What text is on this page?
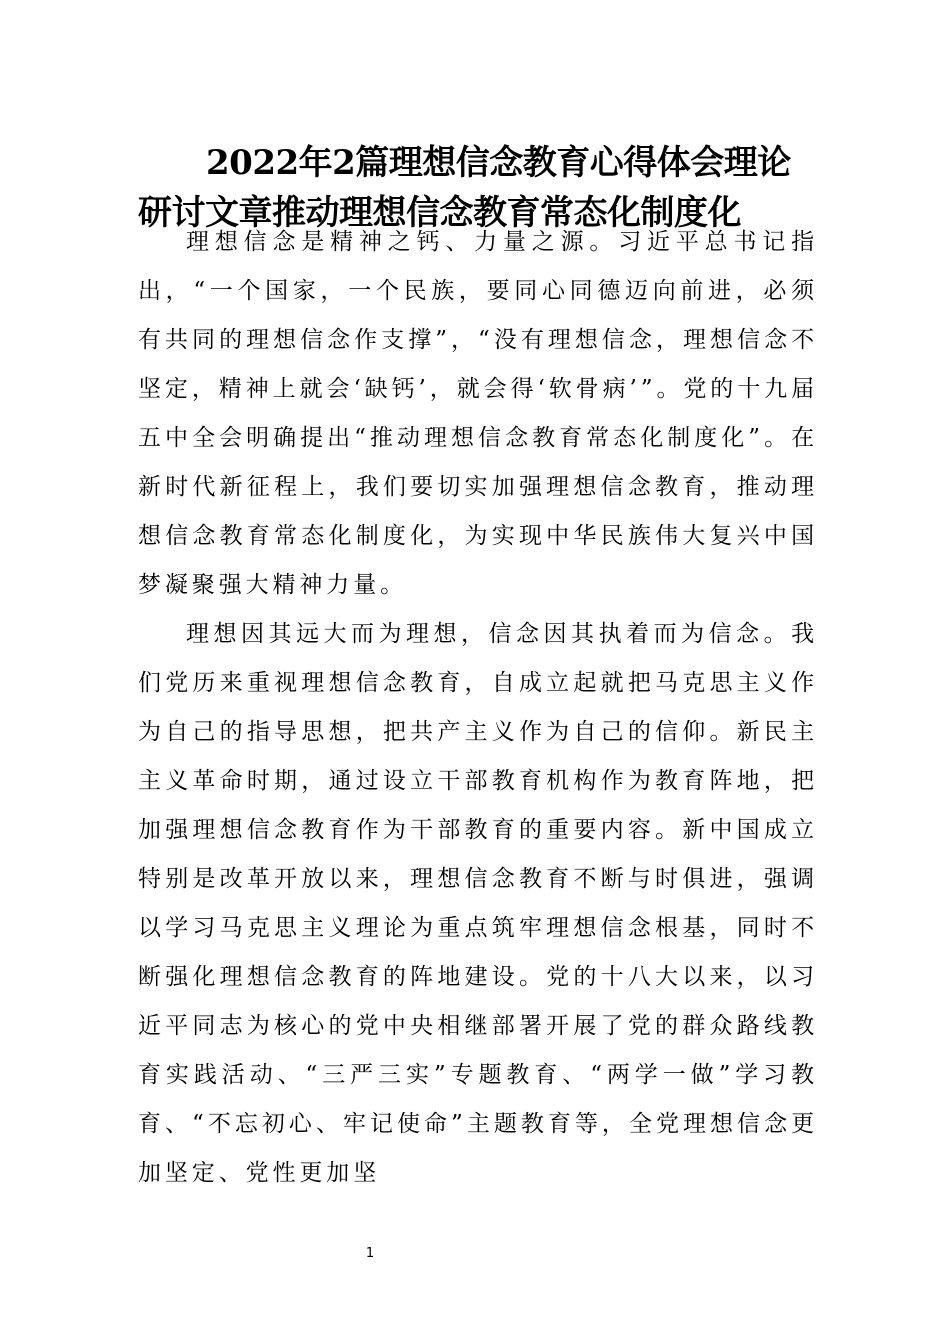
2022年2篇理想信念教育心得体会理论
研讨文章推动理想信念教育常态化制度化

理想信念是精神之钙、力量之源。习近平总书记指出，“一个国家，一个民族，要同心同德迈向前进，必须有共同的理想信念作支撑”，“没有理想信念，理想信念不坚定，精神上就会‘缺钙’，就会得‘软骨病’”。党的十九届五中全会明确提出“推动理想信念教育常态化制度化”。在新时代新征程上，我们要切实加强理想信念教育，推动理想信念教育常态化制度化，为实现中华民族伟大复兴中国梦凝聚强大精神力量。

理想因其远大而为理想，信念因其执着而为信念。我们党历来重视理想信念教育，自成立起就把马克思主义作为自己的指导思想，把共产主义作为自己的信仰。新民主主义革命时期，通过设立干部教育机构作为教育阵地，把加强理想信念教育作为干部教育的重要内容。新中国成立特别是改革开放以来，理想信念教育不断与时俱进，强调以学习马克思主义理论为重点筑牢理想信念根基，同时不断强化理想信念教育的阵地建设。党的十八大以来，以习近平同志为核心的党中央相继部署开展了党的群众路线教育实践活动、“三严三实”专题教育、“两学一做”学习教育、“不忘初心、牢记使命”主题教育等，全党理想信念更加坚定、党性更加坚

1
